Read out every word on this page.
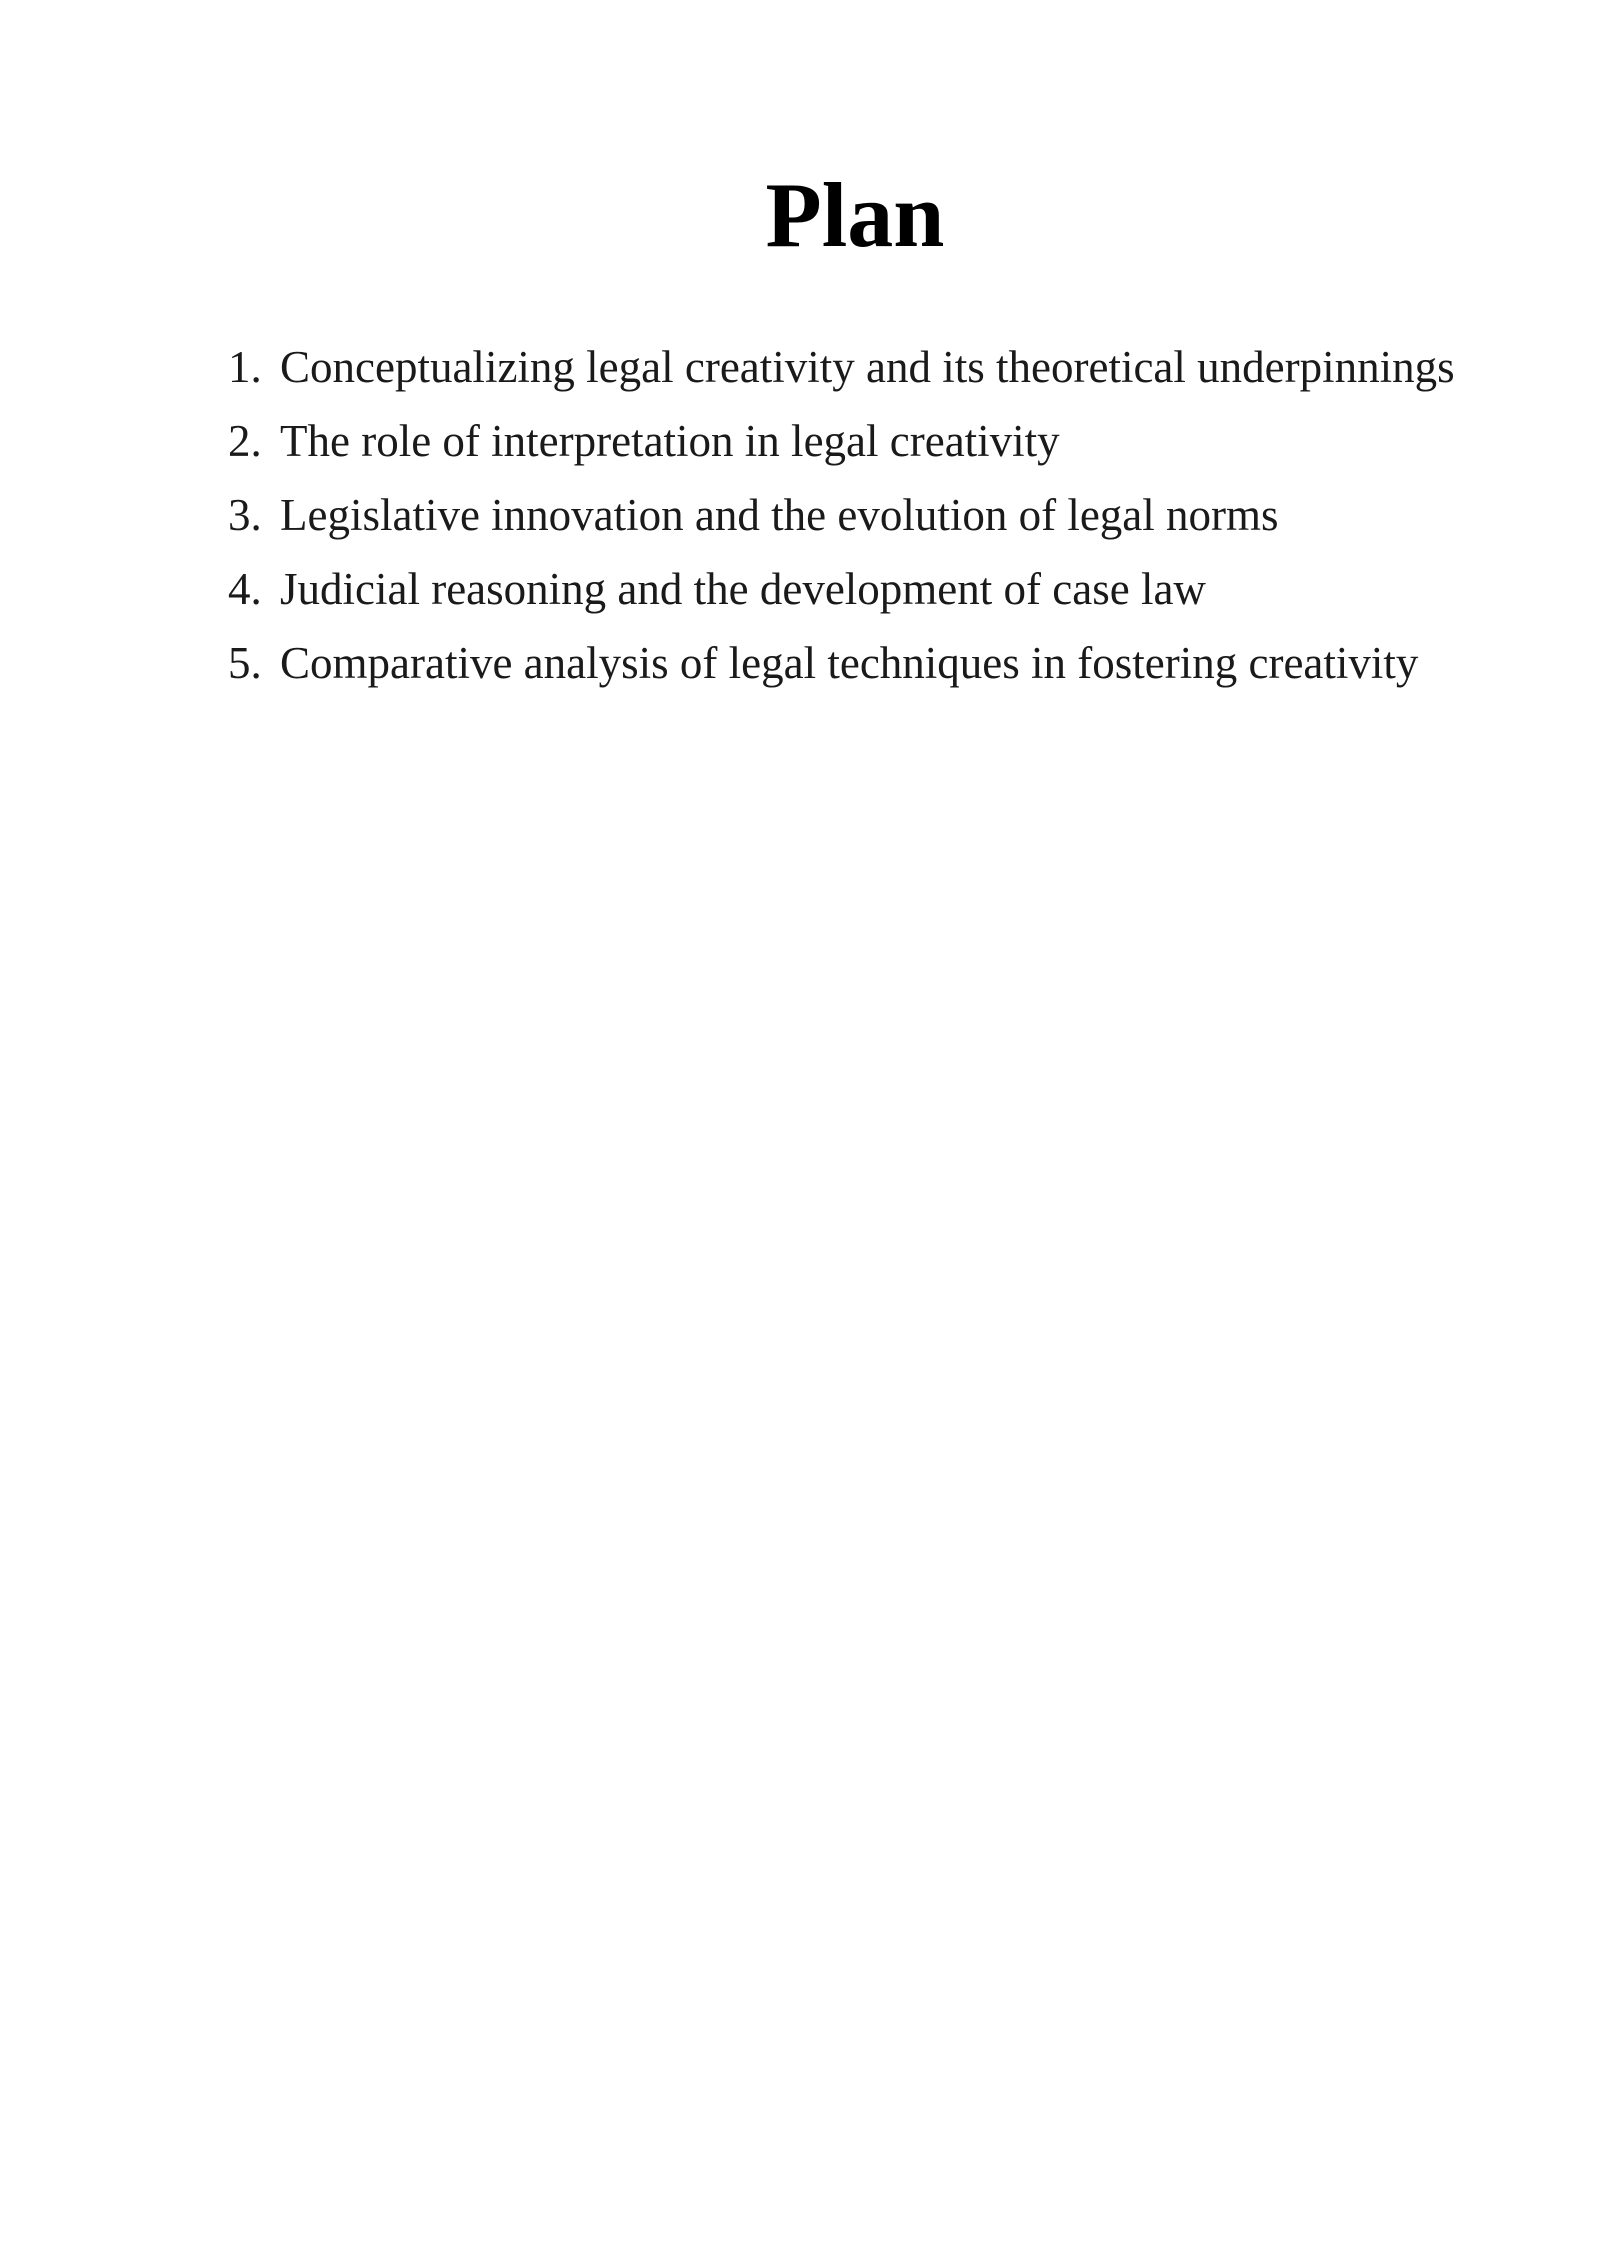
Plan
1. Conceptualizing legal creativity and its theoretical underpinnings
2. The role of interpretation in legal creativity
3. Legislative innovation and the evolution of legal norms
4. Judicial reasoning and the development of case law
5. Comparative analysis of legal techniques in fostering creativity
